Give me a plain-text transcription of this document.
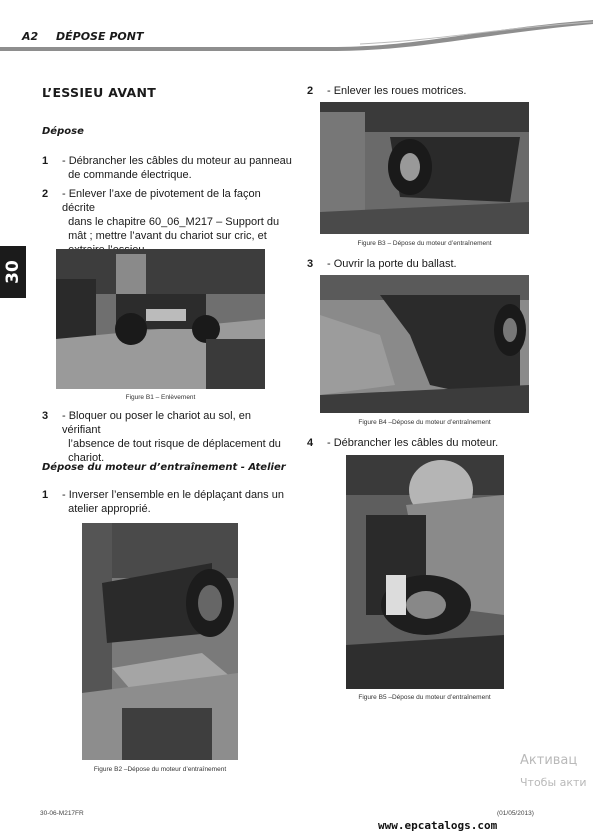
A2 DÉPOSE PONT
30
L’ESSIEU AVANT
Dépose
1 - Débrancher les câbles du moteur au panneau
de commande électrique.
2 - Enlever l’axe de pivotement de la façon décrite
dans le chapitre 60_06_M217 – Support du
mât ; mettre l’avant du chariot sur cric, et
Figure B1 – Enlèvement
3 - Bloquer ou poser le chariot au sol, en vérifiant
l’absence de tout risque de déplacement du
chariot.
Dépose du moteur d’entraînement - Atelier
1 - Inverser l’ensemble en le déplaçant dans un
atelier approprié.
Figure B2 –Dépose du moteur d’entraînement
2 - Enlever les roues motrices.
Figure B3 – Dépose du moteur d’entraînement
3 - Ouvrir la porte du ballast.
Figure B4 –Dépose du moteur d’entraînement
4 - Débrancher les câbles du moteur.
Figure B5 –Dépose du moteur d’entraînement
Активац
Чтобы акти
30-06-M217FR	(01/05/2013)
www.epcatalogs.com
